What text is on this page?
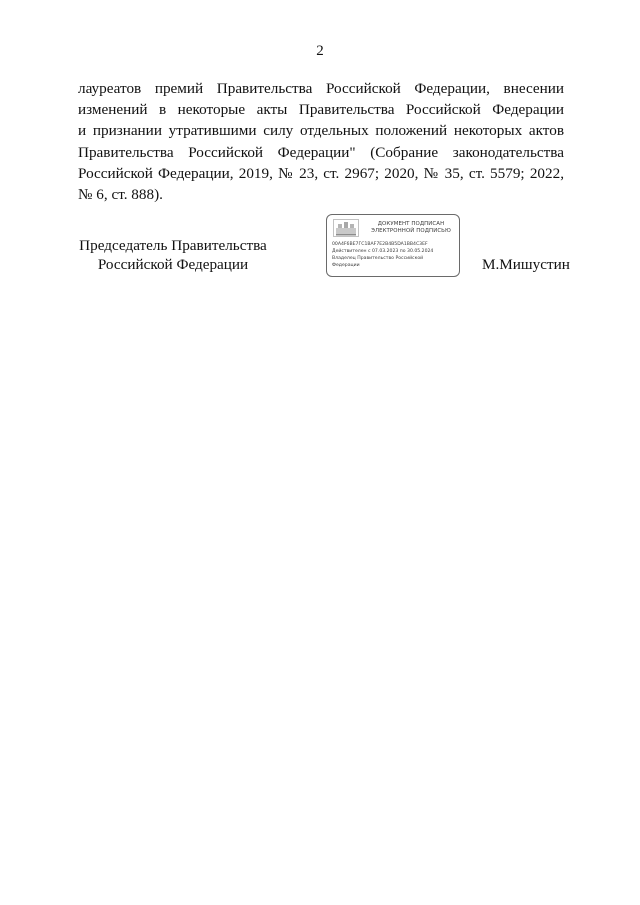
2
лауреатов премий Правительства Российской Федерации, внесении
изменений в некоторые акты Правительства Российской Федерации
и признании утратившими силу отдельных положений некоторых актов
Правительства Российской Федерации" (Собрание законодательства
Российской Федерации, 2019, № 23, ст. 2967; 2020, № 35, ст. 5579; 2022,
№ 6, ст. 888).
Председатель Правительства
Российской Федерации
ДОКУМЕНТ ПОДПИСАН
ЭЛЕКТРОННОЙ ПОДПИСЬЮ
00A4F6BE7ГС1BAF7E2B4B5DA1BB4C3EF
Действителен с 07.03.2023 по 30.05.2024
Владелец Правительство Российской
Федерации	М.Мишустин
